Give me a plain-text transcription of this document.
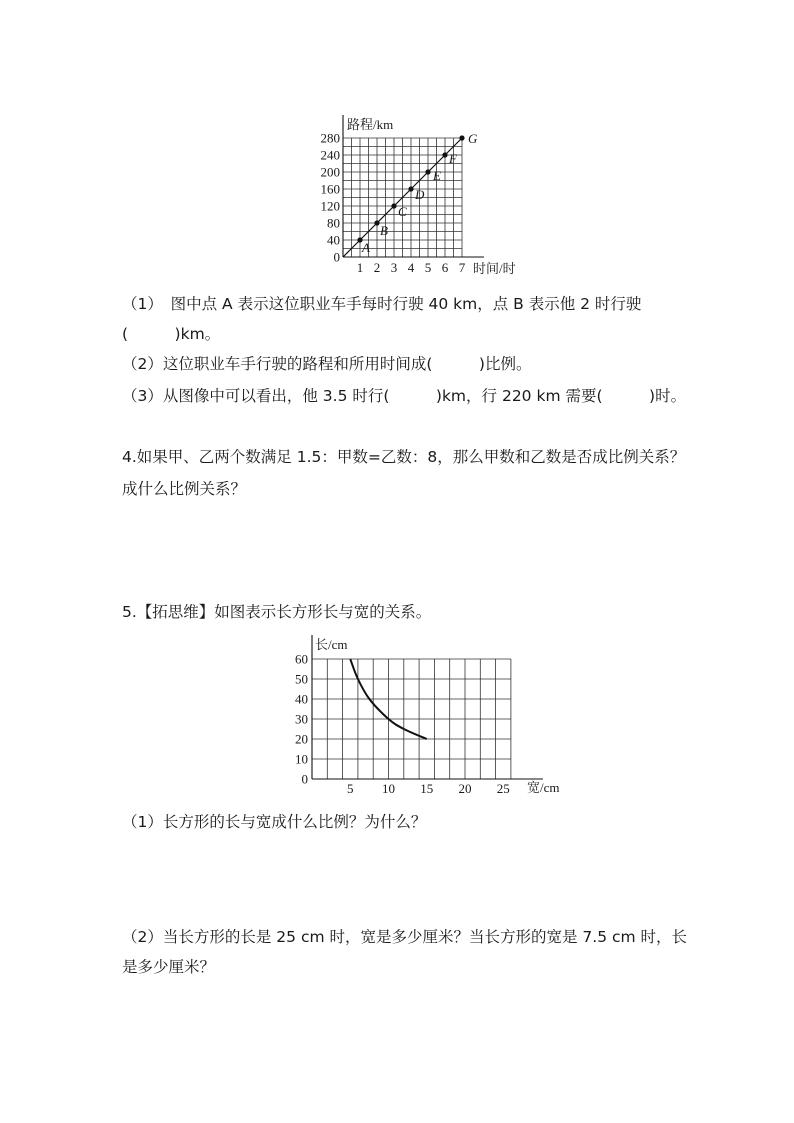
1 2 3 4 5 6 7
0
40
80
120
160
200
240
280
A
B
C
D
E
F
G
路程/km
时间/时
（1）　图中点 A 表示这位职业车手每时行驶 40 km，点 B 表示他 2 时行驶
(　　　)km。
（2）这位职业车手行驶的路程和所用时间成(　　　)比例。
（3）从图像中可以看出，他 3.5 时行(　　　)km，行 220 km 需要(　　　)时。
4.如果甲、乙两个数满足 1.5：甲数=乙数：8，那么甲数和乙数是否成比例关系？
成什么比例关系？
5.【拓思维】如图表示长方形长与宽的关系。
5 10 15 20 25
0
10
20
30
40
50
60
长/cm
宽/cm
（1）长方形的长与宽成什么比例？为什么？
（2）当长方形的长是 25 cm 时，宽是多少厘米？当长方形的宽是 7.5 cm 时，长
是多少厘米？
